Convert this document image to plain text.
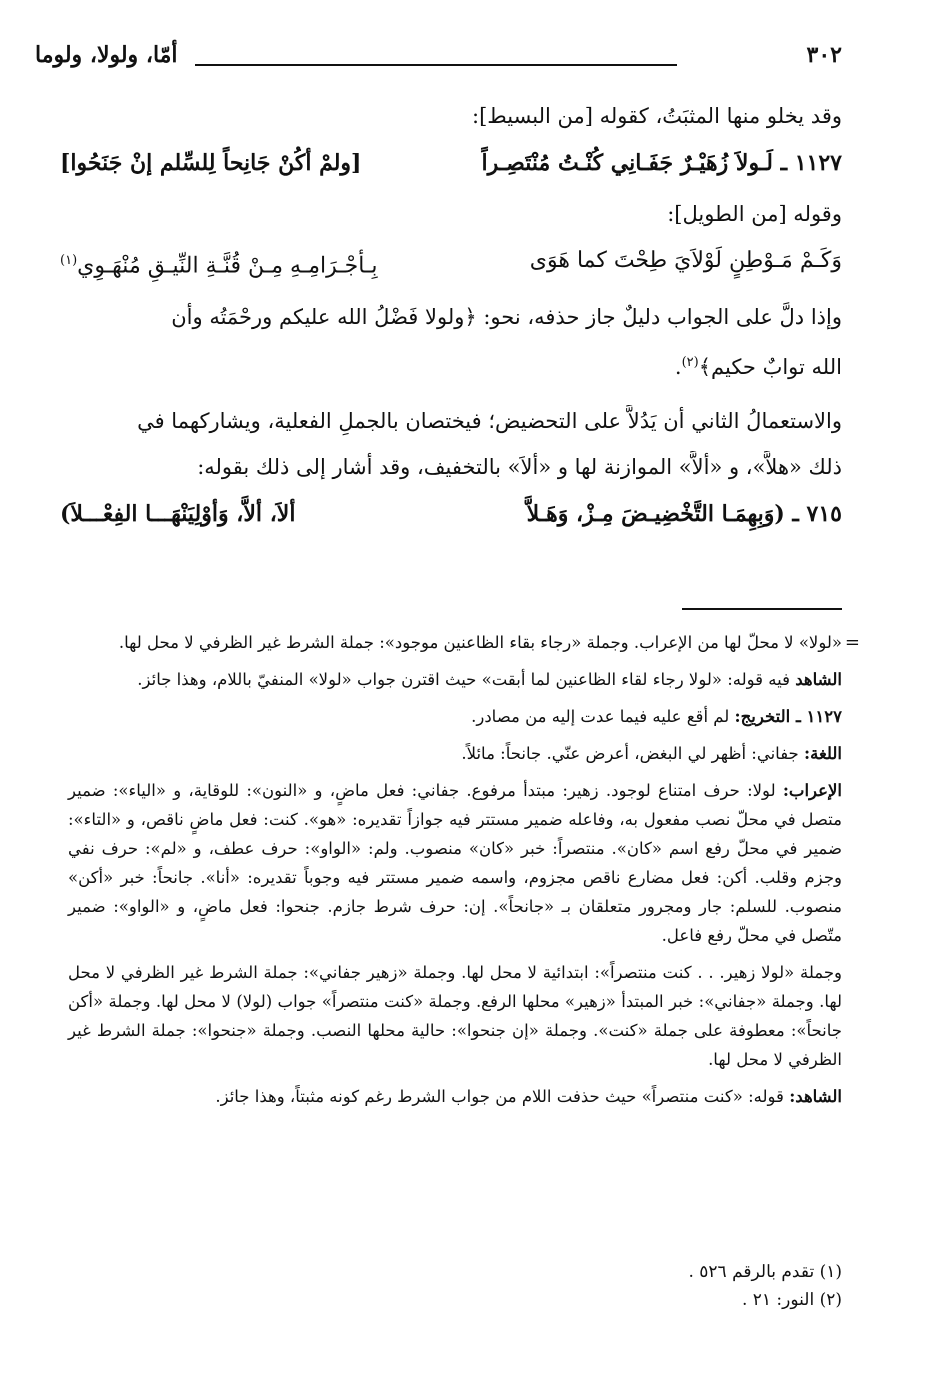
٣٠٢
أمّا، ولولا، ولوما
وقد يخلو منها المثبَتُ، كقوله [من البسيط]:
١١٢٧ ـ لَـولاَ زُهَيْـرٌ جَفَـانِي كُنْـتُ مُنْتَصِـراً
[ولمْ أكُنْ جَانِحاً لِلسِّلم إنْ جَنَحُوا]
وقوله [من الطويل]:
وَكَـمْ مَـوْطِنٍ لَوْلاَيَ طِحْتَ كما هَوَى
بِـأجْـرَامِـهِ مِـنْ قُنَّـةِ النِّيـقِ مُنْهَـوِي$^{(١)}$
وإذا دلَّ على الجواب دليلٌ جاز حذفه، نحو: ﴿ولولا فَضْلُ الله عليكم ورحْمَتُه وأن
الله توابٌ حكيم﴾$^{(٢)}$.
والاستعمالُ الثاني أن يَدُلاَّ على التحضيض؛ فيختصان بالجملِ الفعلية، ويشاركهما في
ذلك «هلاَّ»، و «ألاَّ» الموازنة لها و «ألاَ» بالتخفيف، وقد أشار إلى ذلك بقوله:
٧١٥ ـ (وَبِهِمَـا التَّخْضِيـضَ مِـزْ، وَهَـلاَّ
ألاَ، ألاَّ، وَأوْلِيَنْهَـــا الفِعْـــلاَ)
=

«لولا» لا محلّ لها من الإعراب. وجملة «رجاء بقاء الظاعنين موجود»: جملة الشرط غير الظرفي لا محل لها.

الشاهد فيه قوله: «لولا رجاء لقاء الظاعنين لما أبقت» حيث اقترن جواب «لولا» المنفيّ باللام، وهذا جائز.

١١٢٧ ـ التخريج: لم أقع عليه فيما عدت إليه من مصادر.

اللغة: جفاني: أظهر لي البغض، أعرض عنّي. جانحاً: مائلاً.

الإعراب: لولا: حرف امتناع لوجود. زهير: مبتدأ مرفوع. جفاني: فعل ماضٍ، و «النون»: للوقاية، و «الياء»: ضمير متصل في محلّ نصب مفعول به، وفاعله ضمير مستتر فيه جوازاً تقديره: «هو». كنت: فعل ماضٍ ناقص، و «التاء»: ضمير في محلّ رفع اسم «كان». منتصراً: خبر «كان» منصوب. ولم: «الواو»: حرف عطف، و «لم»: حرف نفي وجزم وقلب. أكن: فعل مضارع ناقص مجزوم، واسمه ضمير مستتر فيه وجوباً تقديره: «أنا». جانحاً: خبر «أكن» منصوب. للسلم: جار ومجرور متعلقان بـ «جانحاً». إن: حرف شرط جازم. جنحوا: فعل ماضٍ، و «الواو»: ضمير متّصل في محلّ رفع فاعل.

وجملة «لولا زهير. . . كنت منتصراً»: ابتدائية لا محل لها. وجملة «زهير جفاني»: جملة الشرط غير الظرفي لا محل لها. وجملة «جفاني»: خبر المبتدأ «زهير» محلها الرفع. وجملة «كنت منتصراً» جواب (لولا) لا محل لها. وجملة «أكن جانحاً»: معطوفة على جملة «كنت». وجملة «إن جنحوا»: حالية محلها النصب. وجملة «جنحوا»: جملة الشرط غير الظرفي لا محل لها.

الشاهد: قوله: «كنت منتصراً» حيث حذفت اللام من جواب الشرط رغم كونه مثبتاً، وهذا جائز.

(١) تقدم بالرقم ٥٢٦ .

(٢) النور: ٢١ .
